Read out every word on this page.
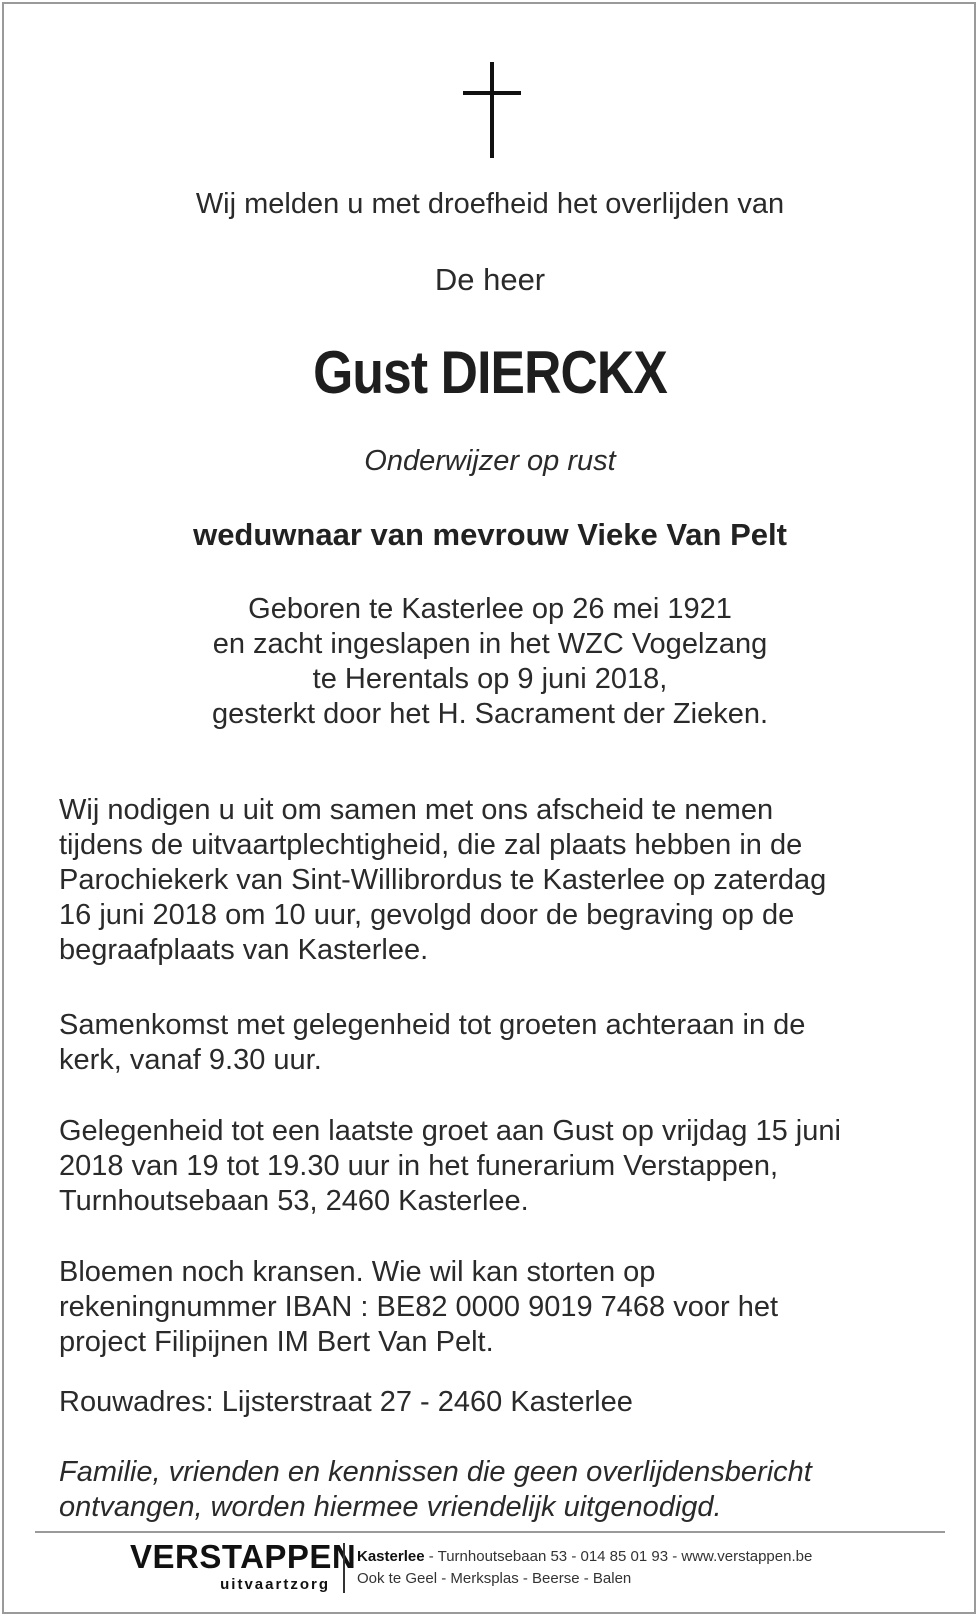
Wij melden u met droefheid het overlijden van
De heer
Gust DIERCKX
Onderwijzer op rust
weduwnaar van mevrouw Vieke Van Pelt
Geboren te Kasterlee op 26 mei 1921
en zacht ingeslapen in het WZC Vogelzang
te Herentals op 9 juni 2018,
gesterkt door het H. Sacrament der Zieken.
Wij nodigen u uit om samen met ons afscheid te nemen
tijdens de uitvaartplechtigheid, die zal plaats hebben in de
Parochiekerk van Sint-Willibrordus te Kasterlee op zaterdag
16 juni 2018 om 10 uur, gevolgd door de begraving op de
begraafplaats van Kasterlee.
Samenkomst met gelegenheid tot groeten achteraan in de
kerk, vanaf 9.30 uur.
Gelegenheid tot een laatste groet aan Gust op vrijdag 15 juni
2018 van 19 tot 19.30 uur in het funerarium Verstappen,
Turnhoutsebaan 53, 2460 Kasterlee.
Bloemen noch kransen. Wie wil kan storten op
rekeningnummer IBAN : BE82 0000 9019 7468 voor het
project Filipijnen IM Bert Van Pelt.
Rouwadres: Lijsterstraat 27 - 2460 Kasterlee
Familie, vrienden en kennissen die geen overlijdensbericht
ontvangen, worden hiermee vriendelijk uitgenodigd.
VERSTAPPEN
uitvaartzorg
Kasterlee - Turnhoutsebaan 53 - 014 85 01 93 - www.verstappen.be
Ook te Geel - Merksplas - Beerse - Balen
